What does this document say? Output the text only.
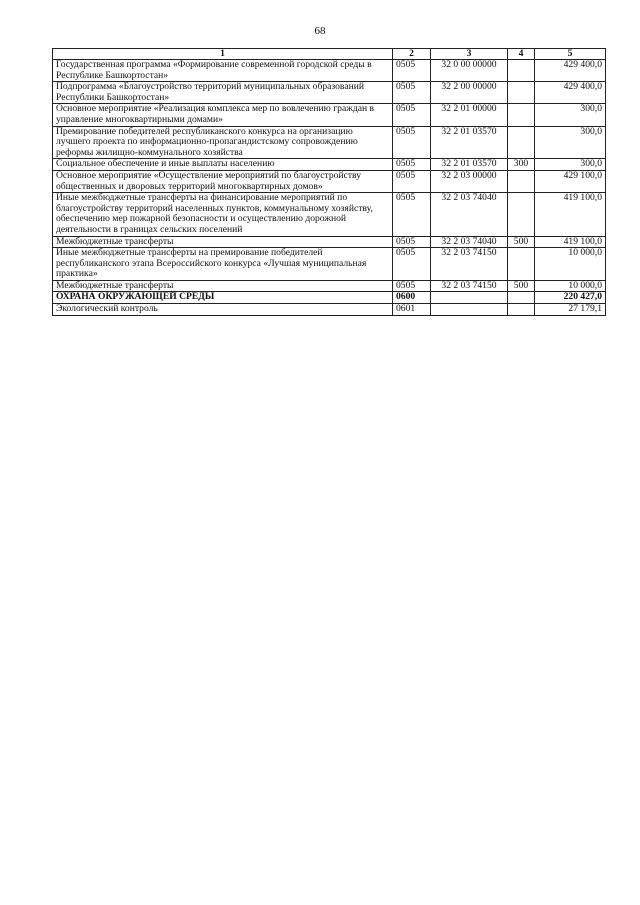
68
1	2	3	4	5
Государственная программа «Формирование современной городской среды в Республике Башкортостан»	0505	32 0 00 00000		429 400,0
Подпрограмма «Благоустройство территорий муниципальных образований Республики Башкортостан»	0505	32 2 00 00000		429 400,0
Основное мероприятие «Реализация комплекса мер по вовлечению граждан в управление многоквартирными домами»	0505	32 2 01 00000		300,0
Премирование победителей республиканского конкурса на организацию лучшего проекта по информационно-пропагандистскому сопровождению реформы жилищно-коммунального хозяйства	0505	32 2 01 03570		300,0
Социальное обеспечение и иные выплаты населению	0505	32 2 01 03570	300	300,0
Основное мероприятие «Осуществление мероприятий по благоустройству общественных и дворовых территорий многоквартирных домов»	0505	32 2 03 00000		429 100,0
Иные межбюджетные трансферты на финансирование мероприятий по благоустройству территорий населенных пунктов, коммунальному хозяйству, обеспечению мер пожарной безопасности и осуществлению дорожной деятельности в границах сельских поселений	0505	32 2 03 74040		419 100,0
Межбюджетные трансферты	0505	32 2 03 74040	500	419 100,0
Иные межбюджетные трансферты на премирование победителей республиканского этапа Всероссийского конкурса «Лучшая муниципальная практика»	0505	32 2 03 74150		10 000,0
Межбюджетные трансферты	0505	32 2 03 74150	500	10 000,0
ОХРАНА ОКРУЖАЮЩЕЙ СРЕДЫ	0600			220 427,0
Экологический контроль	0601			27 179,1
